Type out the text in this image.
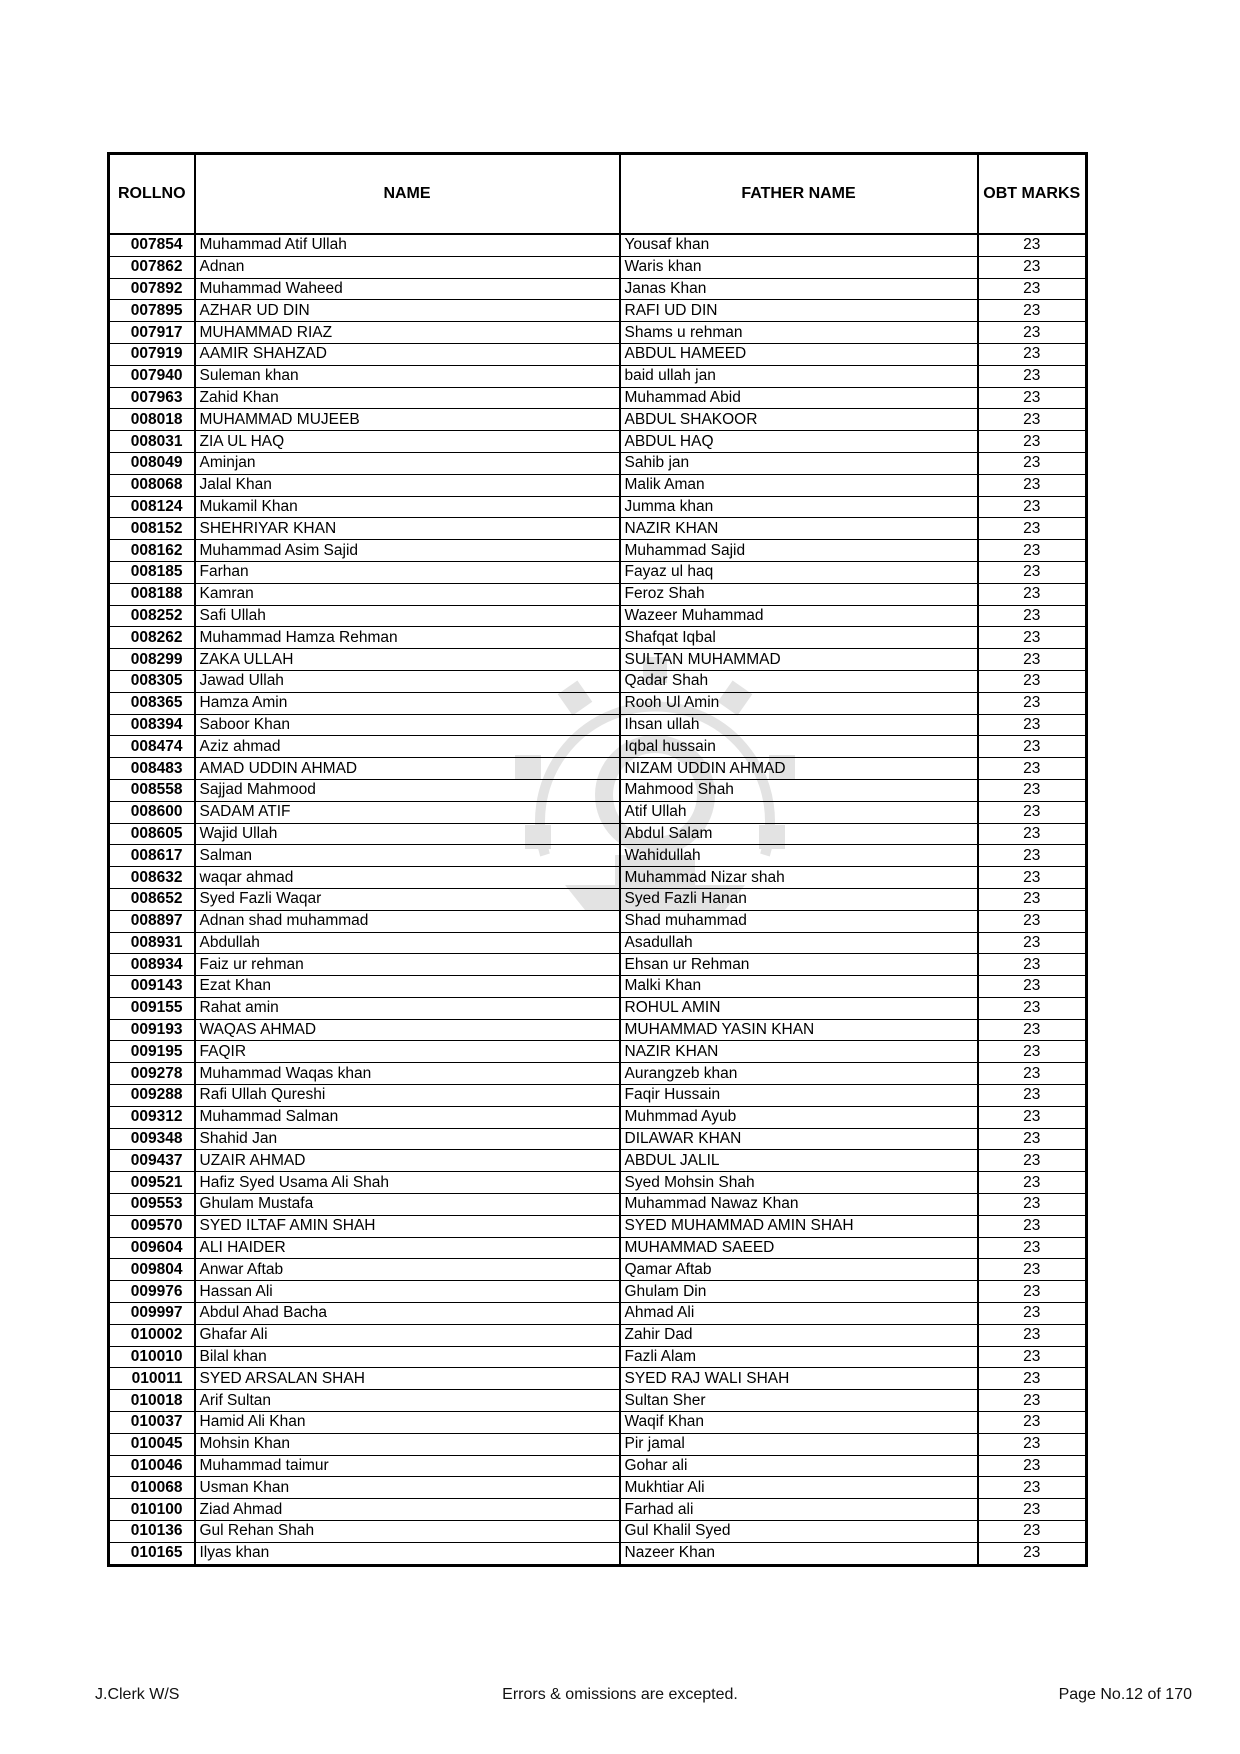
ROLLNO	NAME	FATHER NAME	OBT MARKS
007854	Muhammad Atif Ullah	Yousaf khan	23
007862	Adnan	Waris khan	23
007892	Muhammad Waheed	Janas Khan	23
007895	AZHAR UD DIN	RAFI UD DIN	23
007917	MUHAMMAD RIAZ	Shams u rehman	23
007919	AAMIR SHAHZAD	ABDUL HAMEED	23
007940	Suleman khan	baid ullah jan	23
007963	Zahid Khan	Muhammad Abid	23
008018	MUHAMMAD MUJEEB	ABDUL SHAKOOR	23
008031	ZIA UL HAQ	ABDUL HAQ	23
008049	Aminjan	Sahib jan	23
008068	Jalal Khan	Malik Aman	23
008124	Mukamil Khan	Jumma khan	23
008152	SHEHRIYAR KHAN	NAZIR KHAN	23
008162	Muhammad Asim Sajid	Muhammad Sajid	23
008185	Farhan	Fayaz ul haq	23
008188	Kamran	Feroz Shah	23
008252	Safi Ullah	Wazeer Muhammad	23
008262	Muhammad Hamza Rehman	Shafqat Iqbal	23
008299	ZAKA ULLAH	SULTAN MUHAMMAD	23
008305	Jawad Ullah	Qadar Shah	23
008365	Hamza Amin	Rooh Ul Amin	23
008394	Saboor Khan	Ihsan ullah	23
008474	Aziz ahmad	Iqbal hussain	23
008483	AMAD UDDIN AHMAD	NIZAM UDDIN AHMAD	23
008558	Sajjad Mahmood	Mahmood Shah	23
008600	SADAM ATIF	Atif Ullah	23
008605	Wajid Ullah	Abdul Salam	23
008617	Salman	Wahidullah	23
008632	waqar ahmad	Muhammad Nizar shah	23
008652	Syed Fazli Waqar	Syed Fazli Hanan	23
008897	Adnan shad muhammad	Shad muhammad	23
008931	Abdullah	Asadullah	23
008934	Faiz ur rehman	Ehsan ur Rehman	23
009143	Ezat Khan	Malki Khan	23
009155	Rahat amin	ROHUL AMIN	23
009193	WAQAS AHMAD	MUHAMMAD YASIN KHAN	23
009195	FAQIR	NAZIR KHAN	23
009278	Muhammad Waqas khan	Aurangzeb khan	23
009288	Rafi Ullah Qureshi	Faqir Hussain	23
009312	Muhammad Salman	Muhmmad Ayub	23
009348	Shahid Jan	DILAWAR KHAN	23
009437	UZAIR AHMAD	ABDUL JALIL	23
009521	Hafiz Syed Usama Ali Shah	Syed Mohsin Shah	23
009553	Ghulam Mustafa	Muhammad Nawaz Khan	23
009570	SYED ILTAF AMIN SHAH	SYED MUHAMMAD AMIN SHAH	23
009604	ALI HAIDER	MUHAMMAD SAEED	23
009804	Anwar Aftab	Qamar Aftab	23
009976	Hassan Ali	Ghulam Din	23
009997	Abdul Ahad Bacha	Ahmad Ali	23
010002	Ghafar Ali	Zahir Dad	23
010010	Bilal khan	Fazli Alam	23
010011	SYED ARSALAN SHAH	SYED RAJ WALI SHAH	23
010018	Arif Sultan	Sultan Sher	23
010037	Hamid Ali Khan	Waqif Khan	23
010045	Mohsin Khan	Pir jamal	23
010046	Muhammad taimur	Gohar ali	23
010068	Usman Khan	Mukhtiar Ali	23
010100	Ziad Ahmad	Farhad ali	23
010136	Gul Rehan Shah	Gul Khalil Syed	23
010165	Ilyas khan	Nazeer Khan	23
J.Clerk W/S	Errors & omissions are excepted.	Page No.12 of 170
